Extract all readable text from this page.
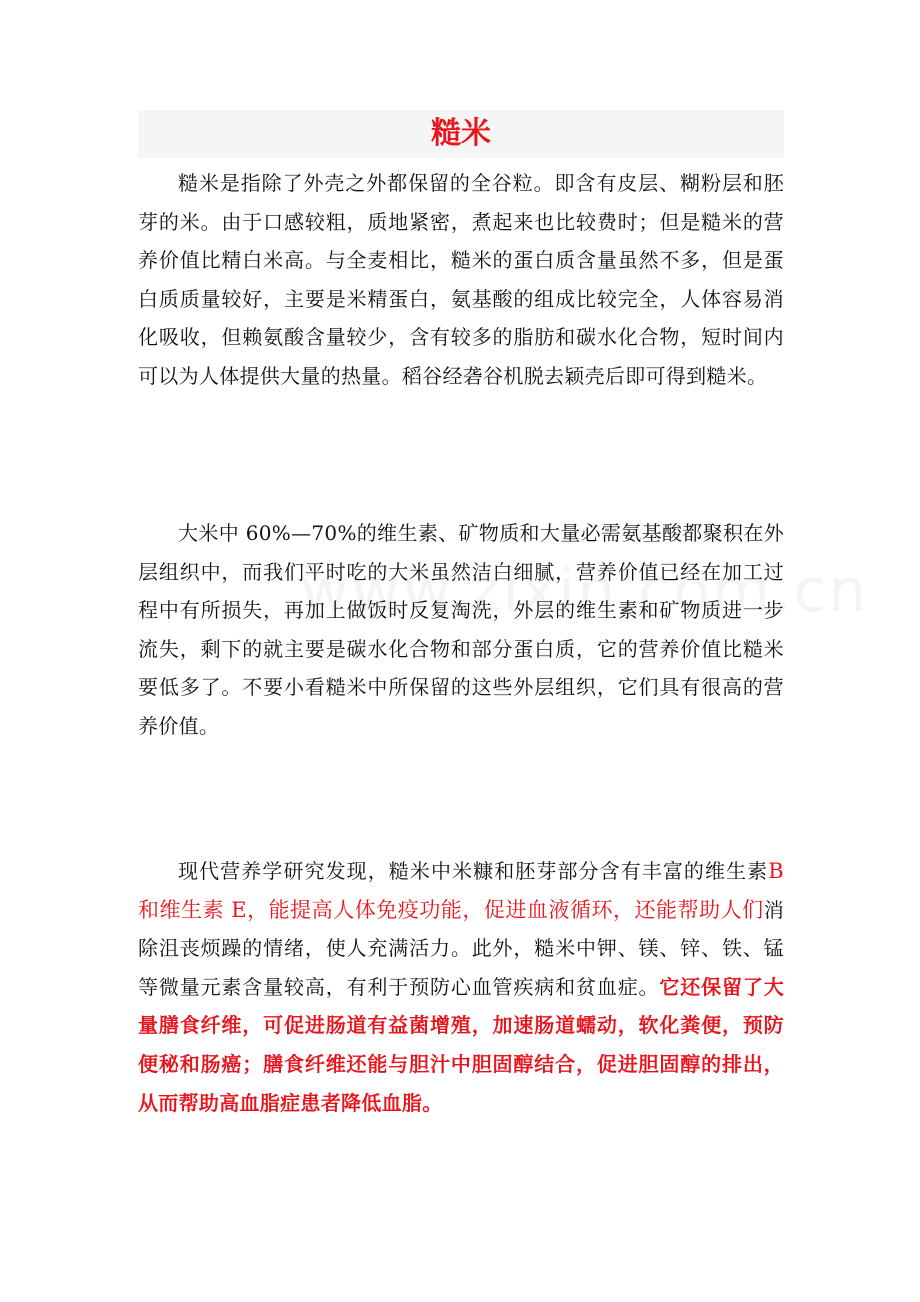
糙米

糙米是指除了外壳之外都保留的全谷粒。即含有皮层、糊粉层和胚芽的米。由于口感较粗，质地紧密，煮起来也比较费时；但是糙米的营养价值比精白米高。与全麦相比，糙米的蛋白质含量虽然不多，但是蛋白质质量较好，主要是米精蛋白，氨基酸的组成比较完全，人体容易消化吸收，但赖氨酸含量较少，含有较多的脂肪和碳水化合物，短时间内可以为人体提供大量的热量。稻谷经砻谷机脱去颖壳后即可得到糙米。

大米中 60%—70%的维生素、矿物质和大量必需氨基酸都聚积在外层组织中，而我们平时吃的大米虽然洁白细腻，营养价值已经在加工过程中有所损失，再加上做饭时反复淘洗，外层的维生素和矿物质进一步流失，剩下的就主要是碳水化合物和部分蛋白质，它的营养价值比糙米要低多了。不要小看糙米中所保留的这些外层组织，它们具有很高的营养价值。

现代营养学研究发现，糙米中米糠和胚芽部分含有丰富的维生素B 和维生素 E，能提高人体免疫功能，促进血液循环，还能帮助人们消除沮丧烦躁的情绪，使人充满活力。此外，糙米中钾、镁、锌、铁、锰等微量元素含量较高，有利于预防心血管疾病和贫血症。它还保留了大量膳食纤维，可促进肠道有益菌增殖，加速肠道蠕动，软化粪便，预防便秘和肠癌；膳食纤维还能与胆汁中胆固醇结合，促进胆固醇的排出，从而帮助高血脂症患者降低血脂。
